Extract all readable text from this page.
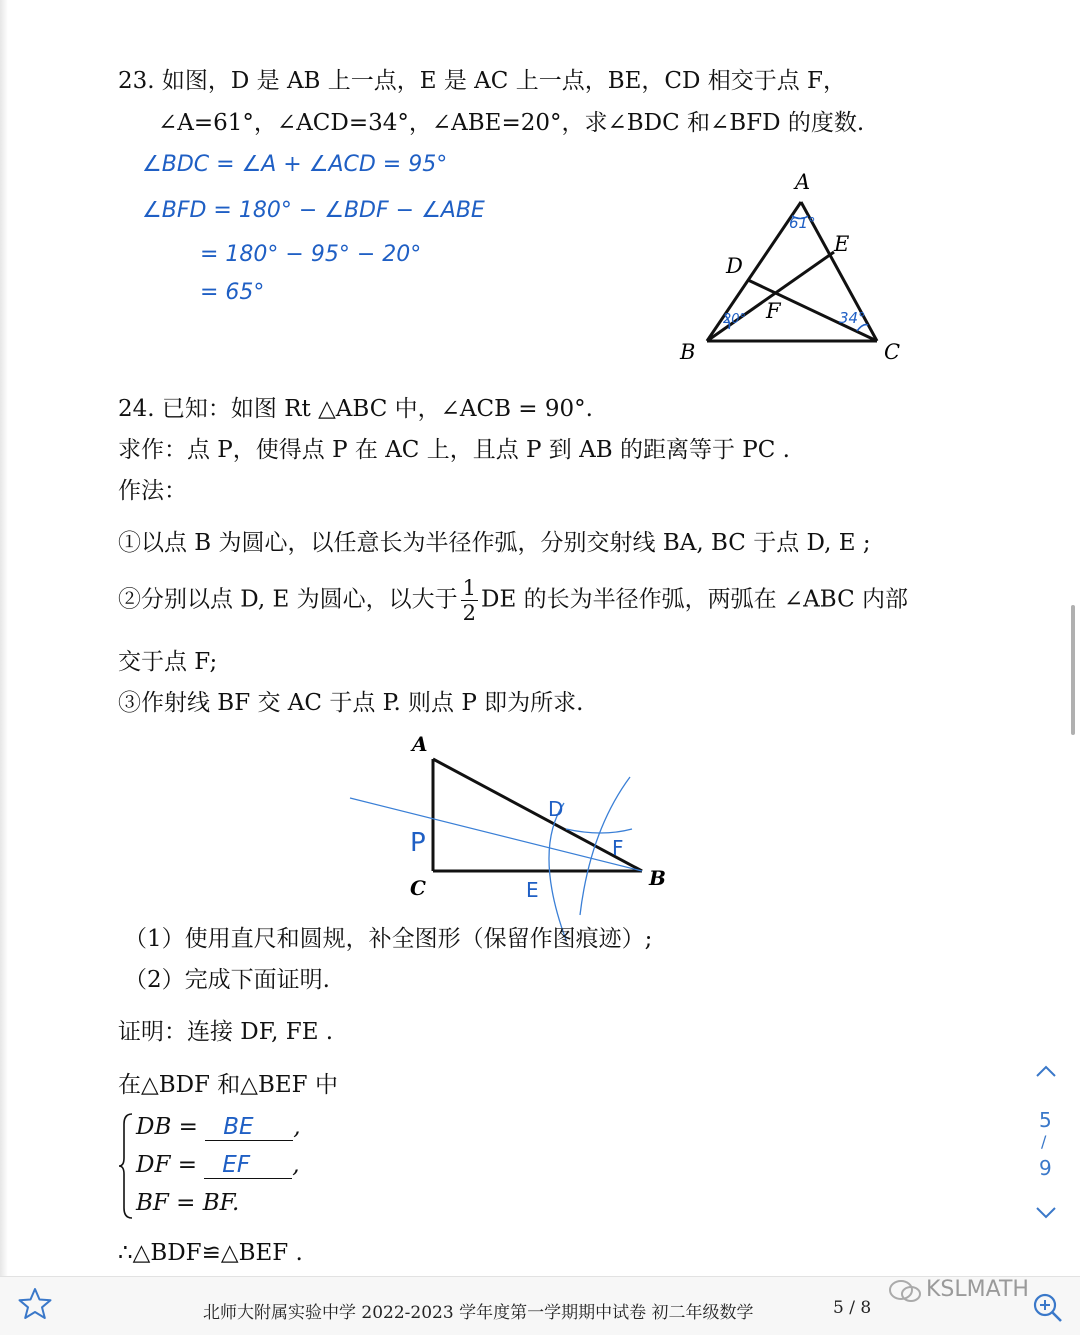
23. 如图，D 是 AB 上一点，E 是 AC 上一点，BE，CD 相交于点 F，
∠A=61°，∠ACD=34°，∠ABE=20°，求∠BDC 和∠BFD 的度数.
∠BDC = ∠A + ∠ACD = 95°
∠BFD = 180° − ∠BDF − ∠ABE
= 180° − 95° − 20°
= 65°
A
B	C
D
E
F
61°
20°	34°
24. 已知：如图 Rt △ABC 中，∠ACB = 90°.
求作：点 P，使得点 P 在 AC 上，且点 P 到 AB 的距离等于 PC .
作法：
①以点 B 为圆心，以任意长为半径作弧，分别交射线 BA, BC 于点 D, E ;
②分别以点 D, E 为圆心，以大于 $\frac{1}{2}$ DE 的长为半径作弧，两弧在 ∠ABC 内部
交于点 F;
③作射线 BF 交 AC 于点 P. 则点 P 即为所求.
A
C	B
P
D
E
F
（1）使用直尺和圆规，补全图形（保留作图痕迹）;
（2）完成下面证明.
证明：连接 DF, FE .
在△BDF 和△BEF 中
DB = BE ,
DF = EF ,
BF = BF.
∴△BDF≌△BEF .
5
/
9
北师大附属实验中学 2022-2023 学年度第一学期期中试卷 初二年级数学	5 / 8
KSLMATH
